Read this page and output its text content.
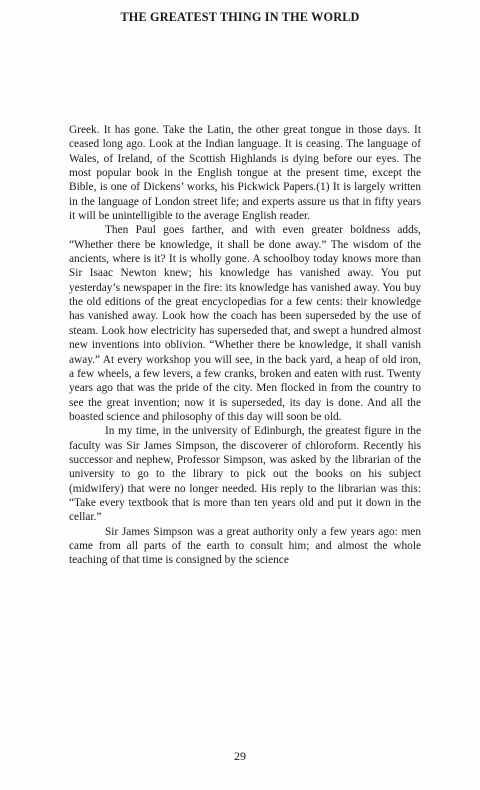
THE GREATEST THING IN THE WORLD

Greek. It has gone. Take the Latin, the other great tongue in those days. It ceased long ago. Look at the Indian language. It is ceasing. The language of Wales, of Ireland, of the Scottish Highlands is dying before our eyes. The most popular book in the English tongue at the present time, except the Bible, is one of Dickens’ works, his Pickwick Papers.(1) It is largely written in the language of London street life; and experts assure us that in fifty years it will be unintelligible to the average English reader.

Then Paul goes farther, and with even greater boldness adds, “Whether there be knowledge, it shall be done away.” The wisdom of the ancients, where is it? It is wholly gone. A schoolboy today knows more than Sir Isaac Newton knew; his knowledge has vanished away. You put yesterday’s newspaper in the fire: its knowledge has vanished away. You buy the old editions of the great encyclopedias for a few cents: their knowledge has vanished away. Look how the coach has been superseded by the use of steam. Look how electricity has superseded that, and swept a hundred almost new inventions into oblivion. “Whether there be knowledge, it shall vanish away.” At every workshop you will see, in the back yard, a heap of old iron, a few wheels, a few levers, a few cranks, broken and eaten with rust. Twenty years ago that was the pride of the city. Men flocked in from the country to see the great invention; now it is superseded, its day is done. And all the boasted science and philosophy of this day will soon be old.

In my time, in the university of Edinburgh, the greatest figure in the faculty was Sir James Simpson, the discoverer of chloroform. Recently his successor and nephew, Professor Simpson, was asked by the librarian of the university to go to the library to pick out the books on his subject (midwifery) that were no longer needed. His reply to the librarian was this: “Take every textbook that is more than ten years old and put it down in the cellar.”

Sir James Simpson was a great authority only a few years ago: men came from all parts of the earth to consult him; and almost the whole teaching of that time is consigned by the science

29
